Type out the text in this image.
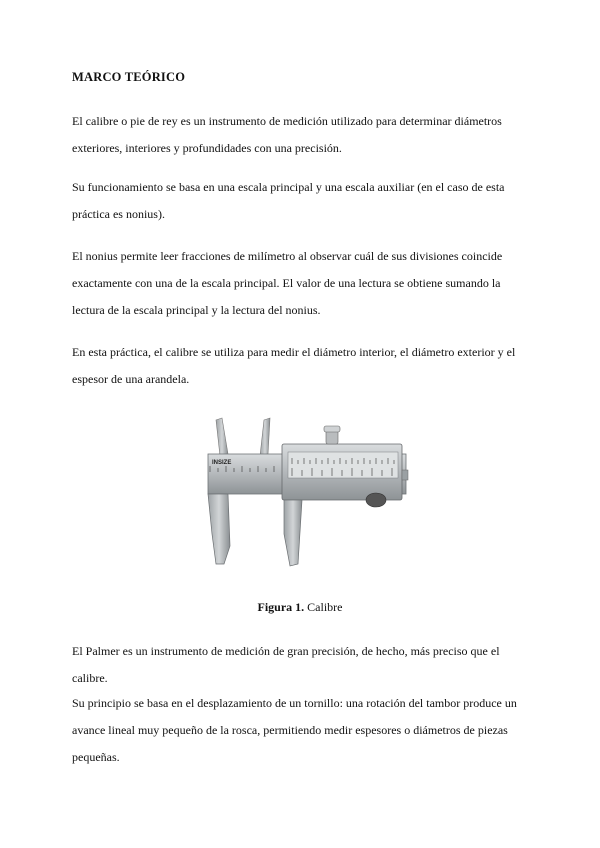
MARCO TEÓRICO

El calibre o pie de rey es un instrumento de medición utilizado para determinar diámetros exteriores, interiores y profundidades con una precisión.

Su funcionamiento se basa en una escala principal y una escala auxiliar (en el caso de esta práctica es nonius).

El nonius permite leer fracciones de milímetro al observar cuál de sus divisiones coincide exactamente con una de la escala principal. El valor de una lectura se obtiene sumando la lectura de la escala principal y la lectura del nonius.

En esta práctica, el calibre se utiliza para medir el diámetro interior, el diámetro exterior y el espesor de una arandela.

INSIZE
Figura 1. Calibre

El Palmer es un instrumento de medición de gran precisión, de hecho, más preciso que el calibre.

Su principio se basa en el desplazamiento de un tornillo: una rotación del tambor produce un avance lineal muy pequeño de la rosca, permitiendo medir espesores o diámetros de piezas pequeñas.
